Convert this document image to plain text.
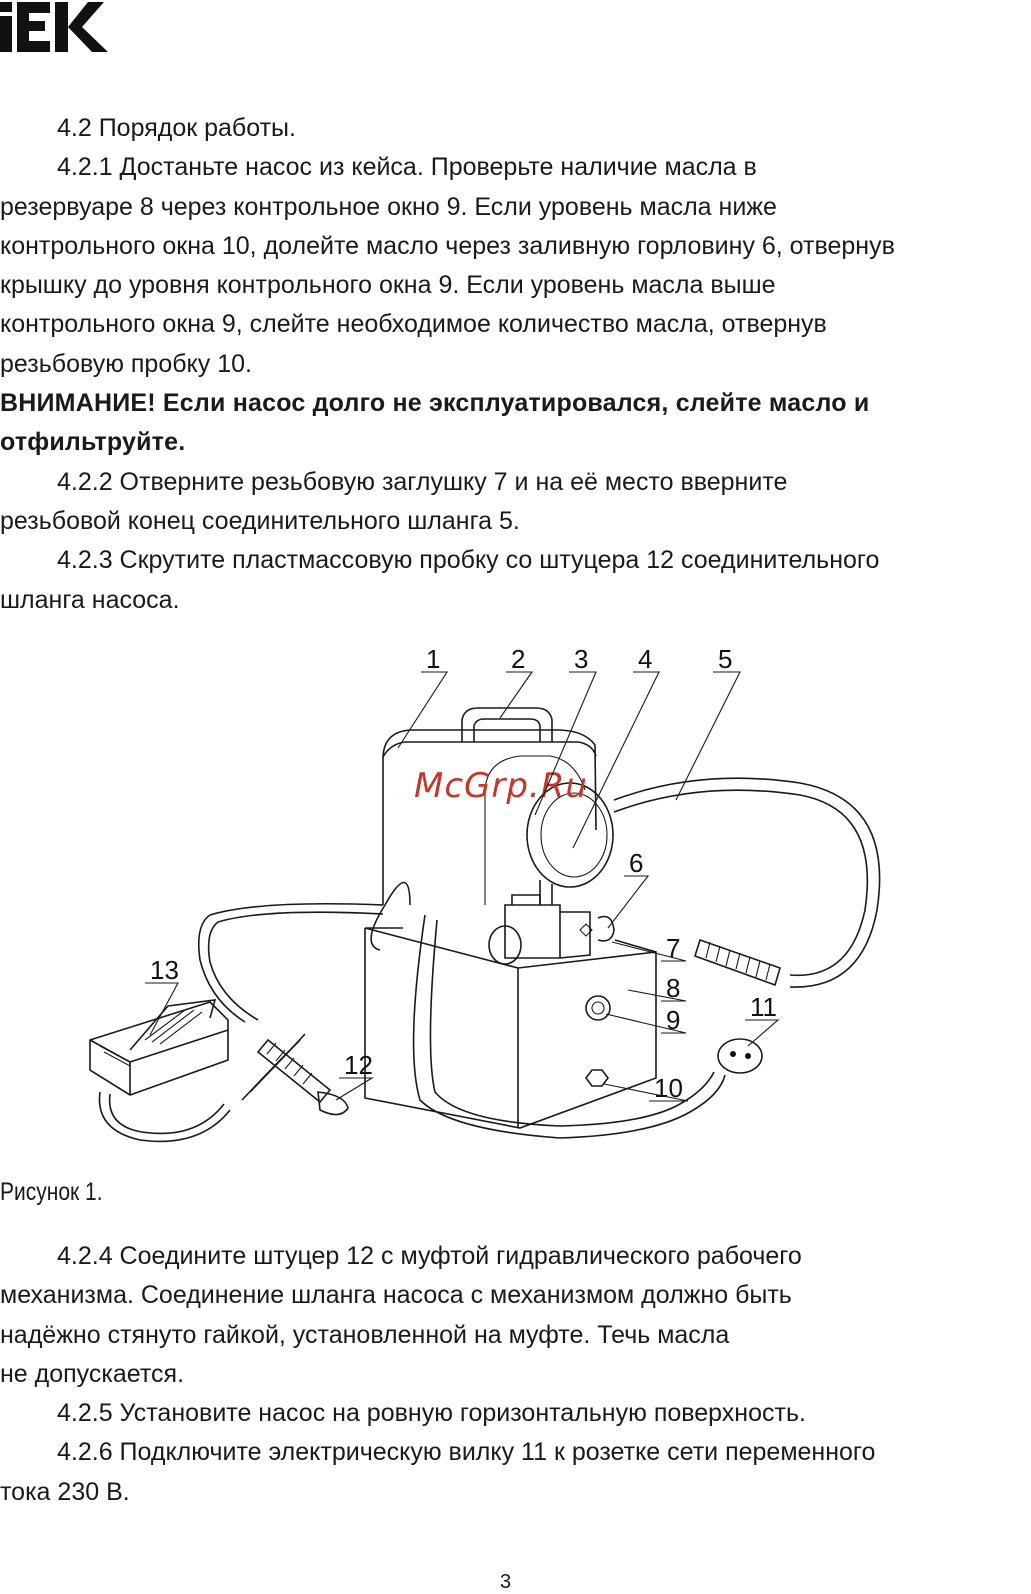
4.2 Порядок работы.
4.2.1 Достаньте насос из кейса. Проверьте наличие масла в
резервуаре 8 через контрольное окно 9. Если уровень масла ниже
контрольного окна 10, долейте масло через заливную горловину 6, отвернув
крышку до уровня контрольного окна 9. Если уровень масла выше
контрольного окна 9, слейте необходимое количество масла, отвернув
резьбовую пробку 10.
ВНИМАНИЕ! Если насос долго не эксплуатировался, слейте масло и
отфильтруйте.
4.2.2 Отверните резьбовую заглушку 7 и на её место вверните
резьбовой конец соединительного шланга 5.
4.2.3 Скрутите пластмассовую пробку со штуцера 12 соединительного
шланга насоса.
McGrp.Ru
1	2 3 4	5
6
7
8
9
10
11
12
13
Рисунок 1.
4.2.4 Соедините штуцер 12 с муфтой гидравлического рабочего
механизма. Соединение шланга насоса с механизмом должно быть
надёжно стянуто гайкой, установленной на муфте. Течь масла
не допускается.
4.2.5 Установите насос на ровную горизонтальную поверхность.
4.2.6 Подключите электрическую вилку 11 к розетке сети переменного
тока 230 В.
3
